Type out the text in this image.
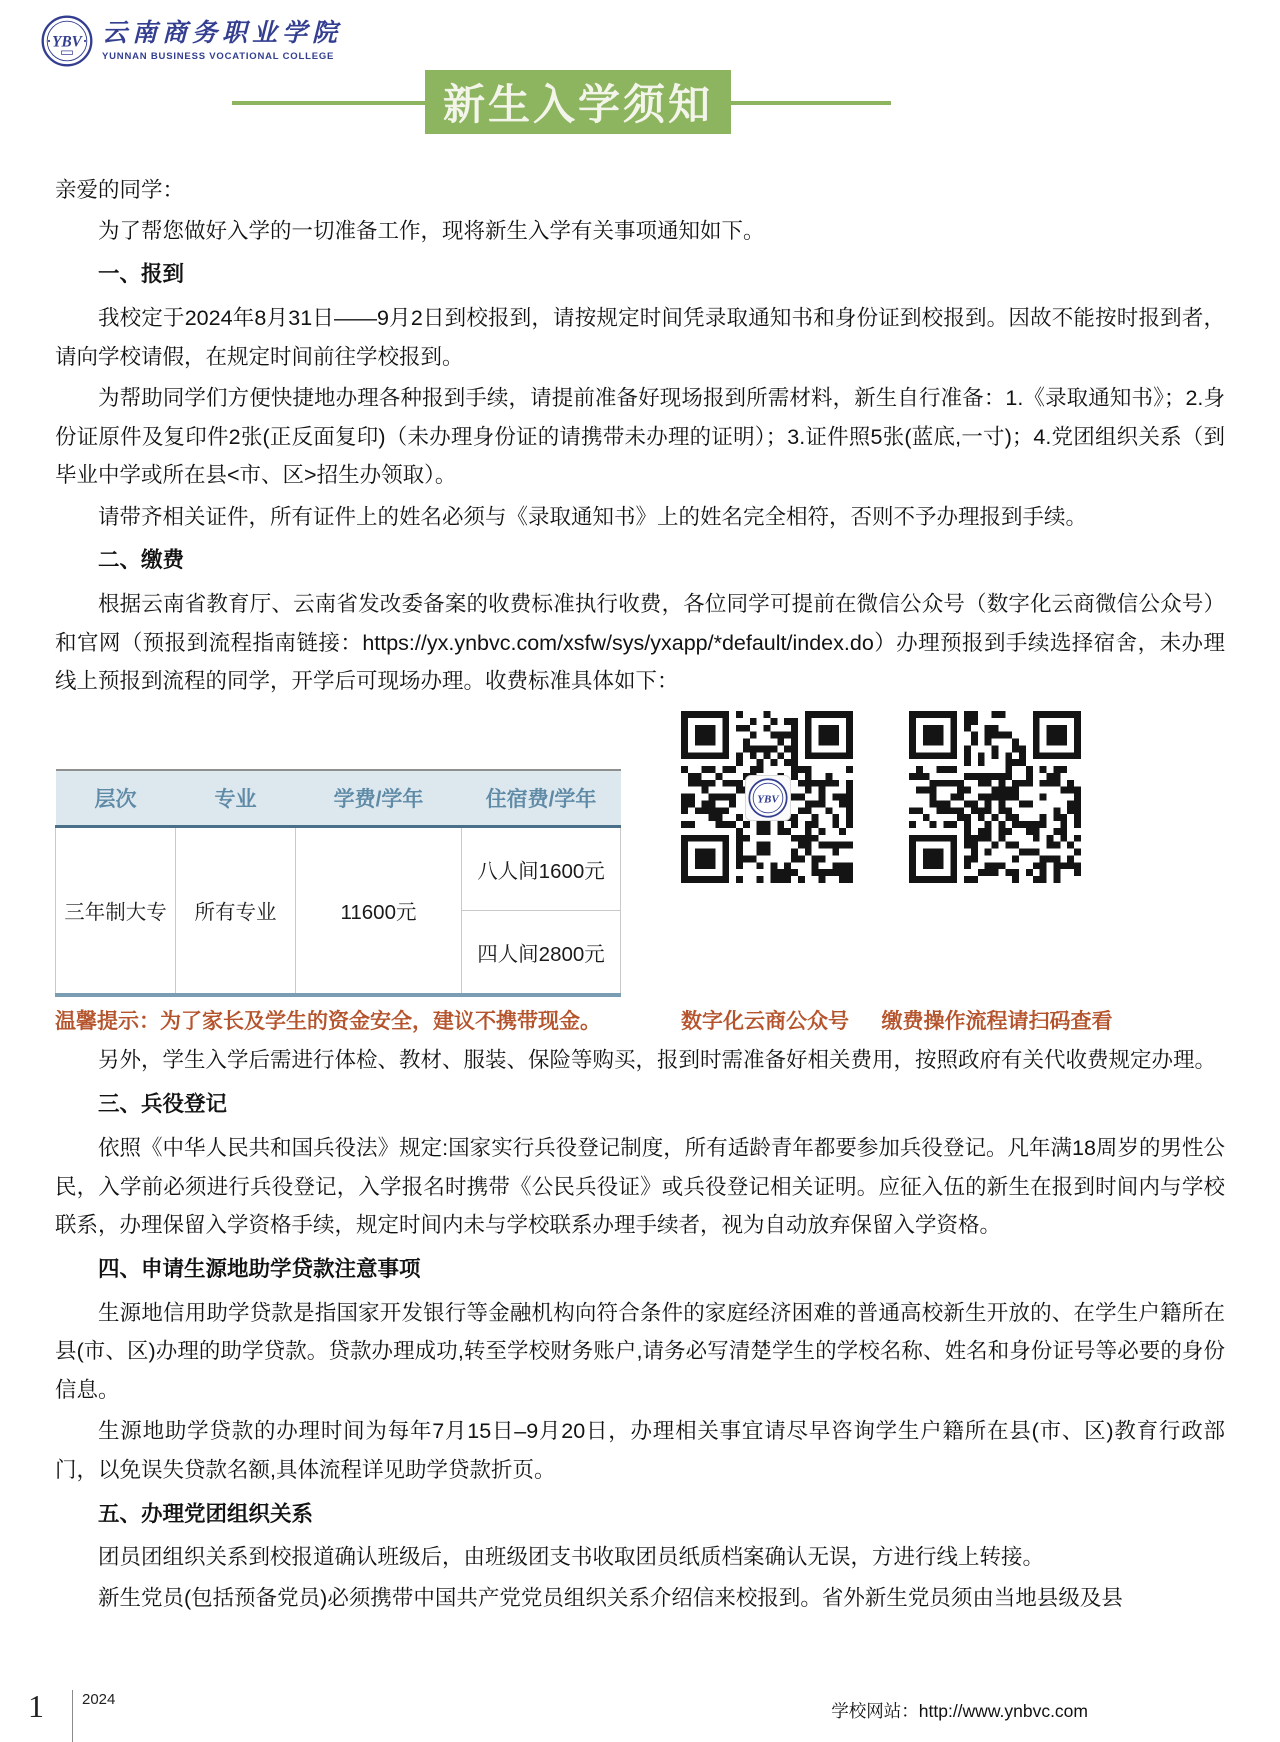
YBV 云南商务职业学院
YUNNAN BUSINESS VOCATIONAL COLLEGE
新生入学须知

亲爱的同学：

为了帮您做好入学的一切准备工作，现将新生入学有关事项通知如下。

一、报到

我校定于2024年8月31日——9月2日到校报到，请按规定时间凭录取通知书和身份证到校报到。因故不能按时报到者，请向学校请假，在规定时间前往学校报到。

为帮助同学们方便快捷地办理各种报到手续，请提前准备好现场报到所需材料，新生自行准备：1.《录取通知书》；2.身份证原件及复印件2张(正反面复印)（未办理身份证的请携带未办理的证明）；3.证件照5张(蓝底,一寸)；4.党团组织关系（到毕业中学或所在县<市、区>招生办领取）。

请带齐相关证件，所有证件上的姓名必须与《录取通知书》上的姓名完全相符，否则不予办理报到手续。

二、缴费

根据云南省教育厅、云南省发改委备案的收费标准执行收费，各位同学可提前在微信公众号（数字化云商微信公众号）和官网（预报到流程指南链接：https://yx.ynbvc.com/xsfw/sys/yxapp/*default/index.do）办理预报到手续选择宿舍，未办理线上预报到流程的同学，开学后可现场办理。收费标准具体如下：

层次	专业	学费/学年	住宿费/学年
三年制大专	所有专业	11600元	八人间1600元
			四人间2800元
YBV
温馨提示：为了家长及学生的资金安全，建议不携带现金。	数字化云商公众号	缴费操作流程请扫码查看

另外，学生入学后需进行体检、教材、服装、保险等购买，报到时需准备好相关费用，按照政府有关代收费规定办理。

三、兵役登记

依照《中华人民共和国兵役法》规定:国家实行兵役登记制度，所有适龄青年都要参加兵役登记。凡年满18周岁的男性公民，入学前必须进行兵役登记，入学报名时携带《公民兵役证》或兵役登记相关证明。应征入伍的新生在报到时间内与学校联系，办理保留入学资格手续，规定时间内未与学校联系办理手续者，视为自动放弃保留入学资格。

四、申请生源地助学贷款注意事项

生源地信用助学贷款是指国家开发银行等金融机构向符合条件的家庭经济困难的普通高校新生开放的、在学生户籍所在县(市、区)办理的助学贷款。贷款办理成功,转至学校财务账户,请务必写清楚学生的学校名称、姓名和身份证号等必要的身份信息。

生源地助学贷款的办理时间为每年7月15日–9月20日，办理相关事宜请尽早咨询学生户籍所在县(市、区)教育行政部门，以免误失贷款名额,具体流程详见助学贷款折页。

五、办理党团组织关系

团员团组织关系到校报道确认班级后，由班级团支书收取团员纸质档案确认无误，方进行线上转接。

新生党员(包括预备党员)必须携带中国共产党党员组织关系介绍信来校报到。省外新生党员须由当地县级及县

1	2024
学校网站：http://www.ynbvc.com
